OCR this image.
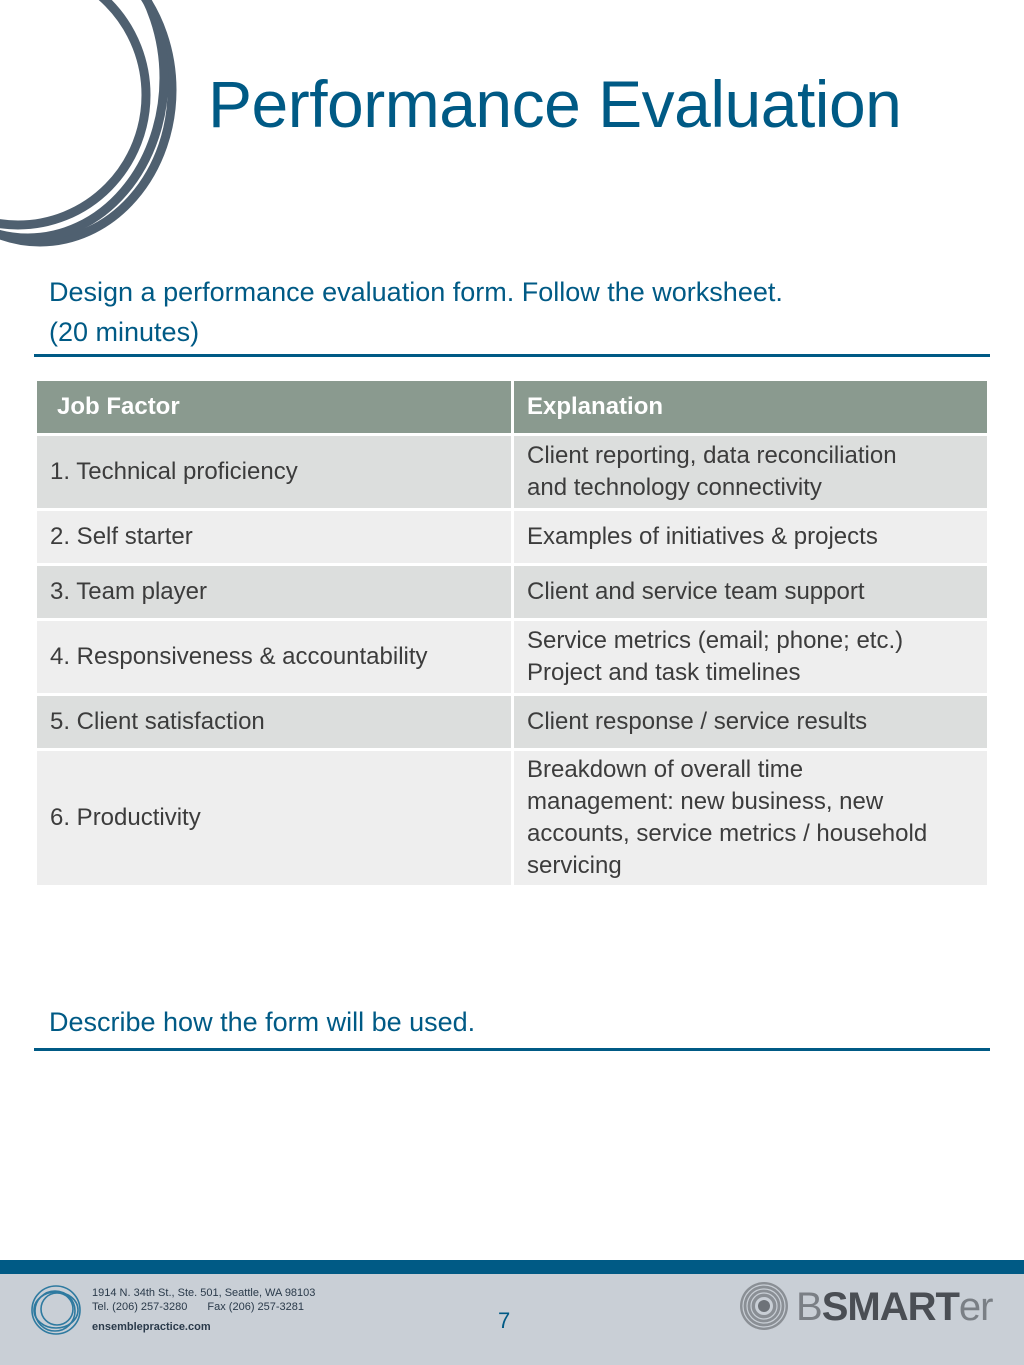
Performance Evaluation
Design a performance evaluation form. Follow the worksheet.
(20 minutes)
Job Factor	Explanation
1. Technical proficiency	Client reporting, data reconciliation
and technology connectivity

2. Self starter	Examples of initiatives & projects

3. Team player	Client and service team support

4. Responsiveness & accountability	Service metrics (email; phone; etc.)
Project and task timelines

5. Client satisfaction	Client response / service results

6. Productivity	Breakdown of overall time
management: new business, new
accounts, service metrics / household
servicing
Describe how the form will be used.
1914 N. 34th St., Ste. 501, Seattle, WA 98103
Tel. (206) 257-3280 Fax (206) 257-3281
ensemblepractice.com	7	BSMARTer
